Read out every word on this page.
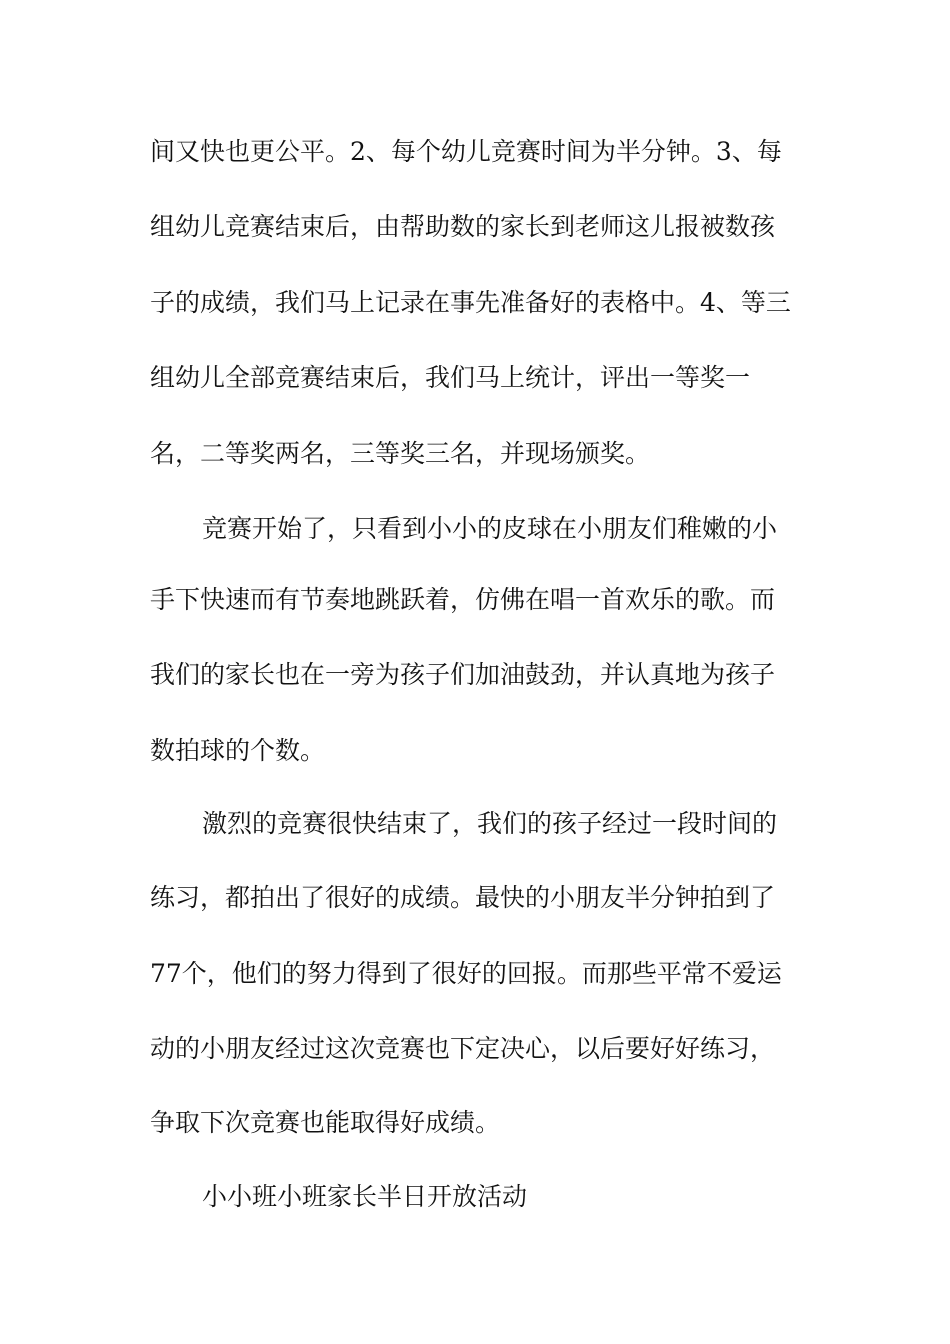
间又快也更公平。2、每个幼儿竞赛时间为半分钟。3、每
组幼儿竞赛结束后，由帮助数的家长到老师这儿报被数孩
子的成绩，我们马上记录在事先准备好的表格中。4、等三
组幼儿全部竞赛结束后，我们马上统计，评出一等奖一
名，二等奖两名，三等奖三名，并现场颁奖。
竞赛开始了，只看到小小的皮球在小朋友们稚嫩的小
手下快速而有节奏地跳跃着，仿佛在唱一首欢乐的歌。而
我们的家长也在一旁为孩子们加油鼓劲，并认真地为孩子
数拍球的个数。
激烈的竞赛很快结束了，我们的孩子经过一段时间的
练习，都拍出了很好的成绩。最快的小朋友半分钟拍到了
77个，他们的努力得到了很好的回报。而那些平常不爱运
动的小朋友经过这次竞赛也下定决心，以后要好好练习，
争取下次竞赛也能取得好成绩。
小小班小班家长半日开放活动
